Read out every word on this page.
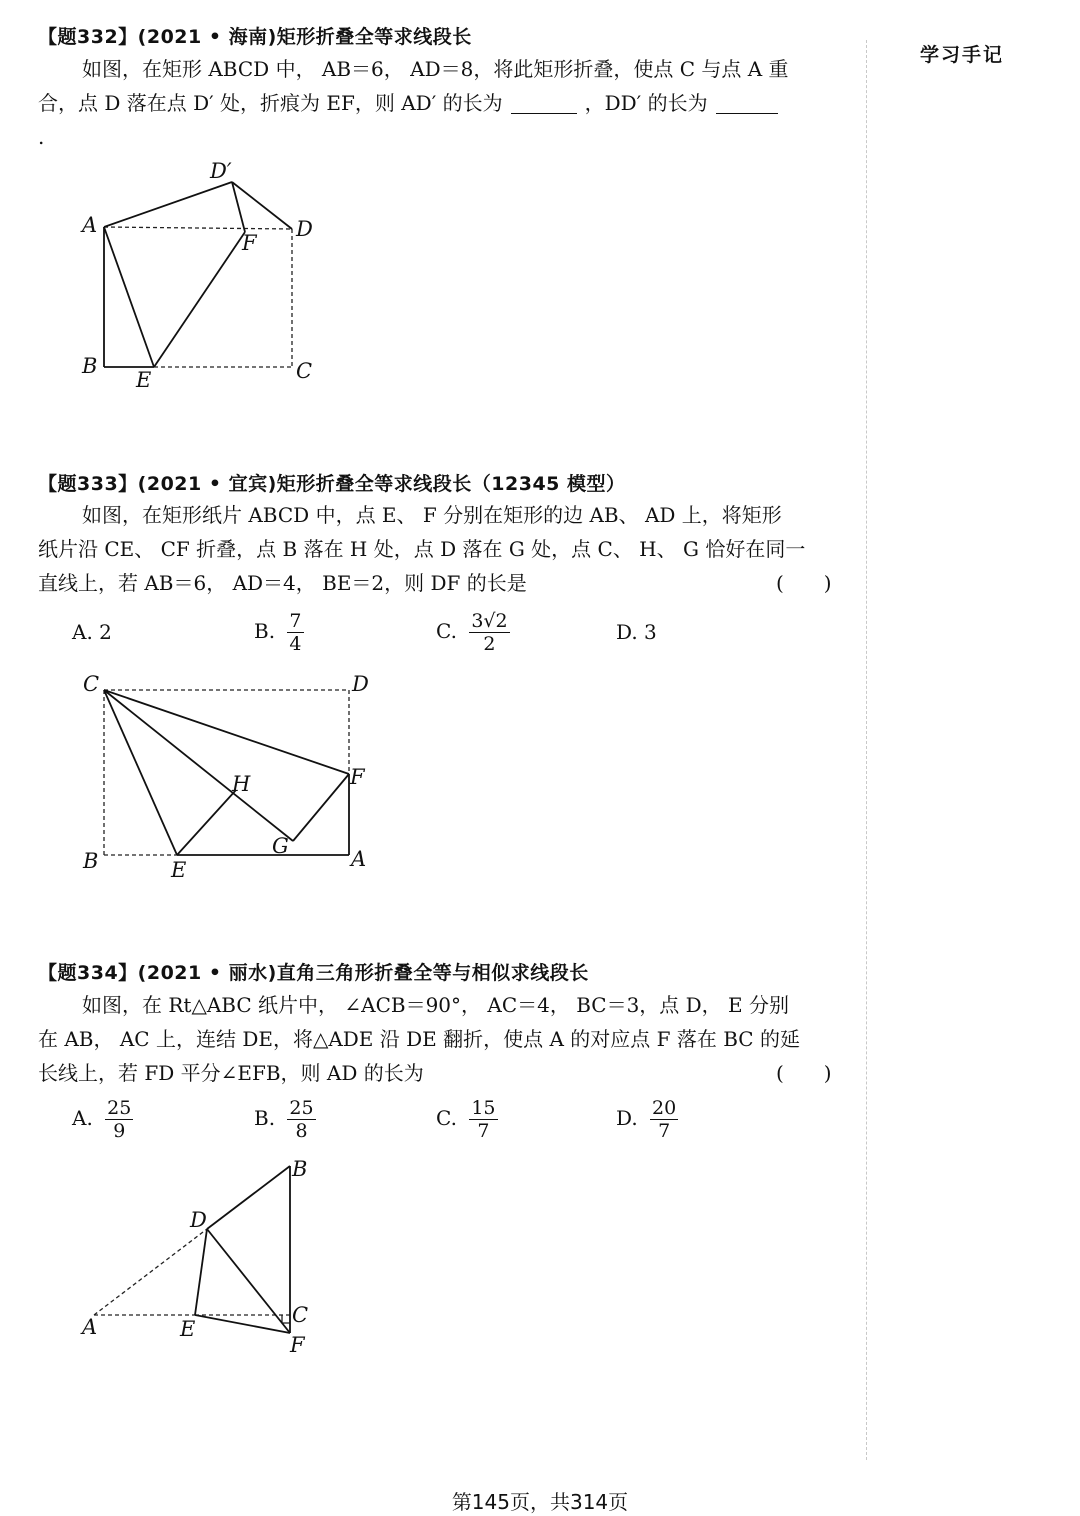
学习手记
【题332】(2021 • 海南)矩形折叠全等求线段长
如图，在矩形 ABCD 中， AB＝6， AD＝8，将此矩形折叠，使点 C 与点 A 重
合，点 D 落在点 D′ 处，折痕为 EF，则 AD′ 的长为	，DD′ 的长为
.
D′
A
F
D
B
E	C
【题333】(2021 • 宜宾)矩形折叠全等求线段长（12345 模型）
如图，在矩形纸片 ABCD 中，点 E、 F 分别在矩形的边 AB、 AD 上，将矩形
纸片沿 CE、 CF 折叠，点 B 落在 H 处，点 D 落在 G 处，点 C、 H、 G 恰好在同一
直线上，若 AB＝6， AD＝4， BE＝2，则 DF 的长是	(　　)
A. 2	B. $\frac{7}{4}$	C. $\frac{3√2}{2}$	D. 3
C	D
H	F
G
B	E	A
【题334】(2021 • 丽水)直角三角形折叠全等与相似求线段长
如图，在 Rt△ABC 纸片中， ∠ACB＝90°， AC＝4， BC＝3，点 D， E 分别
在 AB， AC 上，连结 DE，将△ADE 沿 DE 翻折，使点 A 的对应点 F 落在 BC 的延
长线上，若 FD 平分∠EFB，则 AD 的长为	(　　)
A. $\frac{25}{9}$	B. $\frac{25}{8}$	C. $\frac{15}{7}$	D. $\frac{20}{7}$
B
D
C
A	E
F
第145页，共314页
